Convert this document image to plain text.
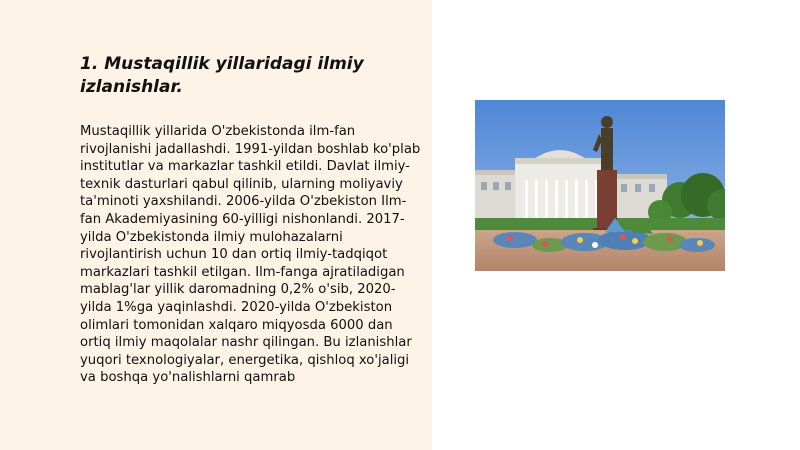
1. Mustaqillik yillaridagi ilmiy izlanishlar.

Mustaqillik yillarida O'zbekistonda ilm-fan rivojlanishi jadallashdi. 1991-yildan boshlab ko'plab institutlar va markazlar tashkil etildi. Davlat ilmiy-texnik dasturlari qabul qilinib, ularning moliyaviy ta'minoti yaxshilandi. 2006-yilda O'zbekiston Ilm-fan Akademiyasining 60-yilligi nishonlandi. 2017-yilda O'zbekistonda ilmiy mulohazalarni rivojlantirish uchun 10 dan ortiq ilmiy-tadqiqot markazlari tashkil etilgan. Ilm-fanga ajratiladigan mablag'lar yillik daromadning 0,2% o'sib, 2020-yilda 1%ga yaqinlashdi. 2020-yilda O'zbekiston olimlari tomonidan xalqaro miqyosda 6000 dan ortiq ilmiy maqolalar nashr qilingan. Bu izlanishlar yuqori texnologiyalar, energetika, qishloq xo'jaligi va boshqa yo'nalishlarni qamrab
